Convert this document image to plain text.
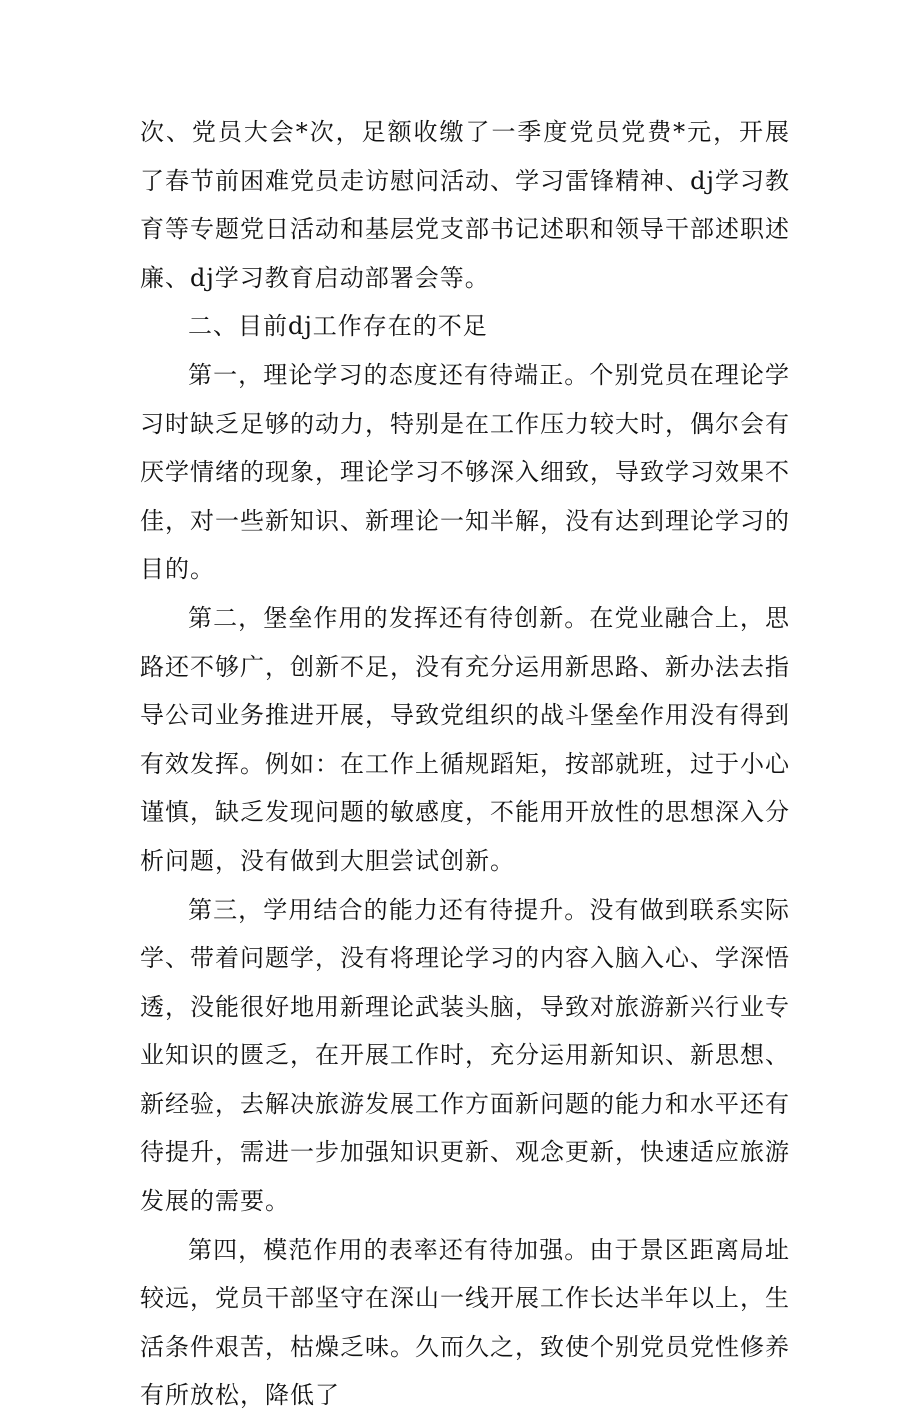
次、党员大会*次，足额收缴了一季度党员党费*元，开展了春节前困难党员走访慰问活动、学习雷锋精神、dj学习教育等专题党日活动和基层党支部书记述职和领导干部述职述廉、dj学习教育启动部署会等。

二、目前dj工作存在的不足

第一，理论学习的态度还有待端正。个别党员在理论学习时缺乏足够的动力，特别是在工作压力较大时，偶尔会有厌学情绪的现象，理论学习不够深入细致，导致学习效果不佳，对一些新知识、新理论一知半解，没有达到理论学习的目的。

第二，堡垒作用的发挥还有待创新。在党业融合上，思路还不够广，创新不足，没有充分运用新思路、新办法去指导公司业务推进开展，导致党组织的战斗堡垒作用没有得到有效发挥。例如：在工作上循规蹈矩，按部就班，过于小心谨慎，缺乏发现问题的敏感度，不能用开放性的思想深入分析问题，没有做到大胆尝试创新。

第三，学用结合的能力还有待提升。没有做到联系实际学、带着问题学，没有将理论学习的内容入脑入心、学深悟透，没能很好地用新理论武装头脑，导致对旅游新兴行业专业知识的匮乏，在开展工作时，充分运用新知识、新思想、新经验，去解决旅游发展工作方面新问题的能力和水平还有待提升，需进一步加强知识更新、观念更新，快速适应旅游发展的需要。

第四，模范作用的表率还有待加强。由于景区距离局址较远，党员干部坚守在深山一线开展工作长达半年以上，生活条件艰苦，枯燥乏味。久而久之，致使个别党员党性修养有所放松，降低了
